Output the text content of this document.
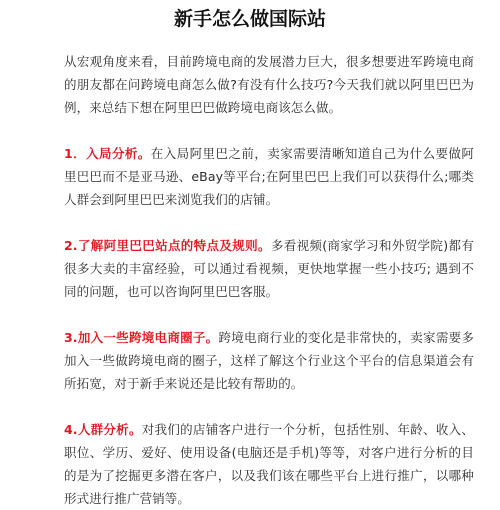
新手怎么做国际站

从宏观角度来看，目前跨境电商的发展潜力巨大，很多想要进军跨境电商的朋友都在问跨境电商怎么做?有没有什么技巧?今天我们就以阿里巴巴为例，来总结下想在阿里巴巴做跨境电商该怎么做。

1．入局分析。在入局阿里巴之前，卖家需要清晰知道自己为什么要做阿里巴巴而不是亚马逊、eBay等平台;在阿里巴巴上我们可以获得什么;哪类人群会到阿里巴巴来浏览我们的店铺。

2.了解阿里巴巴站点的特点及规则。多看视频(商家学习和外贸学院)都有很多大卖的丰富经验，可以通过看视频，更快地掌握一些小技巧; 遇到不同的问题，也可以咨询阿里巴巴客服。

3.加入一些跨境电商圈子。跨境电商行业的变化是非常快的，卖家需要多加入一些做跨境电商的圈子，这样了解这个行业这个平台的信息渠道会有所拓宽，对于新手来说还是比较有帮助的。

4.人群分析。对我们的店铺客户进行一个分析，包括性别、年龄、收入、职位、学历、爱好、使用设备(电脑还是手机)等等，对客户进行分析的目的是为了挖掘更多潜在客户，以及我们该在哪些平台上进行推广，以哪种形式进行推广营销等。
